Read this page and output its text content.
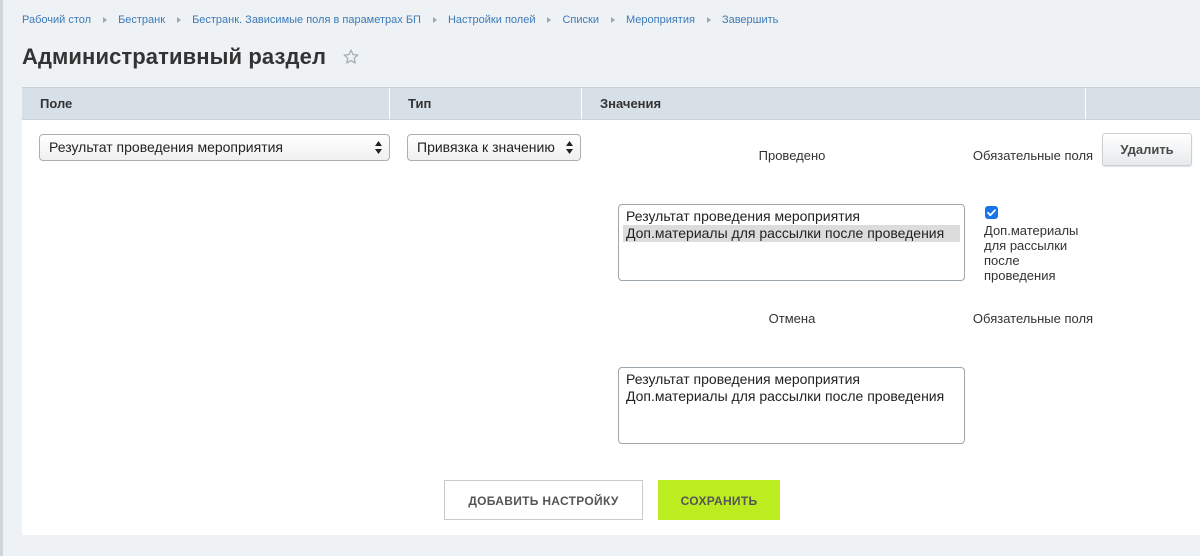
Рабочий стол Бестранк Бестранк. Зависимые поля в параметрах БП Настройки полей Списки Мероприятия Завершить
Административный раздел
Поле	Тип	Значения
Результат проведения мероприятия	Привязка к значению
Проведено	Обязательные поля	Удалить
Результат проведения мероприятия
Доп.материалы для рассылки после проведения	Доп.материалы для рассылки после проведения
Отмена	Обязательные поля
Результат проведения мероприятия
Доп.материалы для рассылки после проведения
ДОБАВИТЬ НАСТРОЙКУ	СОХРАНИТЬ
